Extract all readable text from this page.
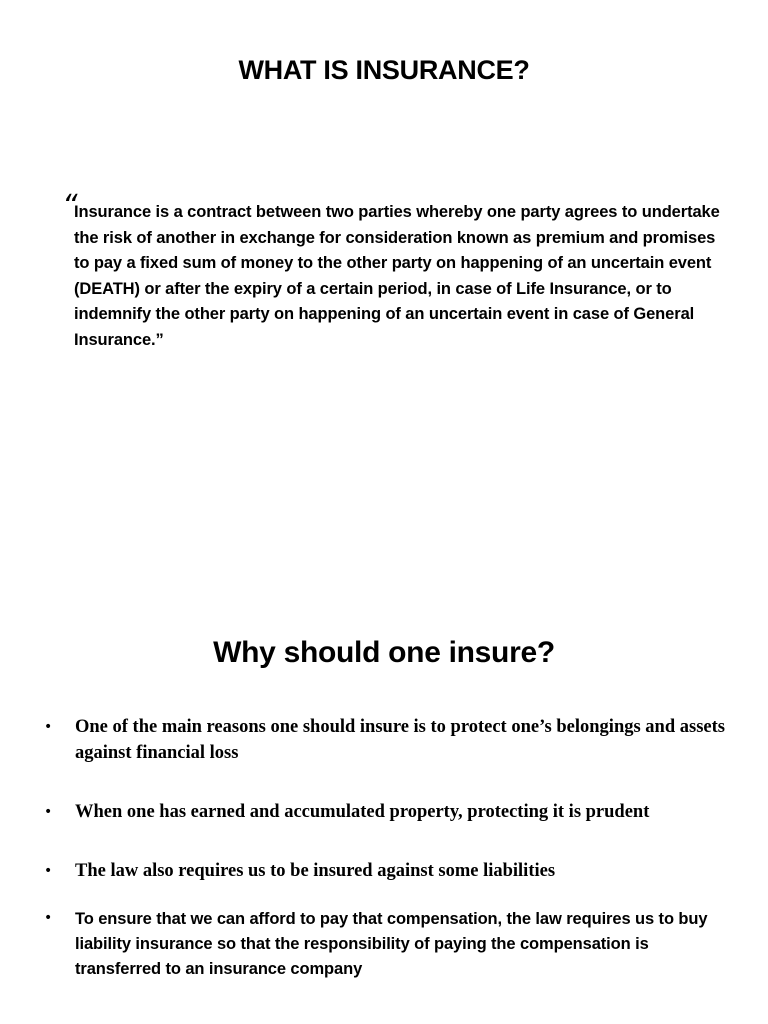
WHAT IS INSURANCE?
“

Insurance is a contract between two parties whereby one party agrees to undertake the risk of another in exchange for consideration known as premium and promises to pay a fixed sum of money to the other party on happening of an uncertain event (DEATH) or after the expiry of a certain period, in case of Life Insurance, or to indemnify the other party on happening of an uncertain event in case of General Insurance.”

Why should one insure?
• One of the main reasons one should insure is to protect one’s belongings and assets against financial loss
• When one has earned and accumulated property, protecting it is prudent
• The law also requires us to be insured against some liabilities
• To ensure that we can afford to pay that compensation, the law requires us to buy liability insurance so that the responsibility of paying the compensation is transferred to an insurance company
